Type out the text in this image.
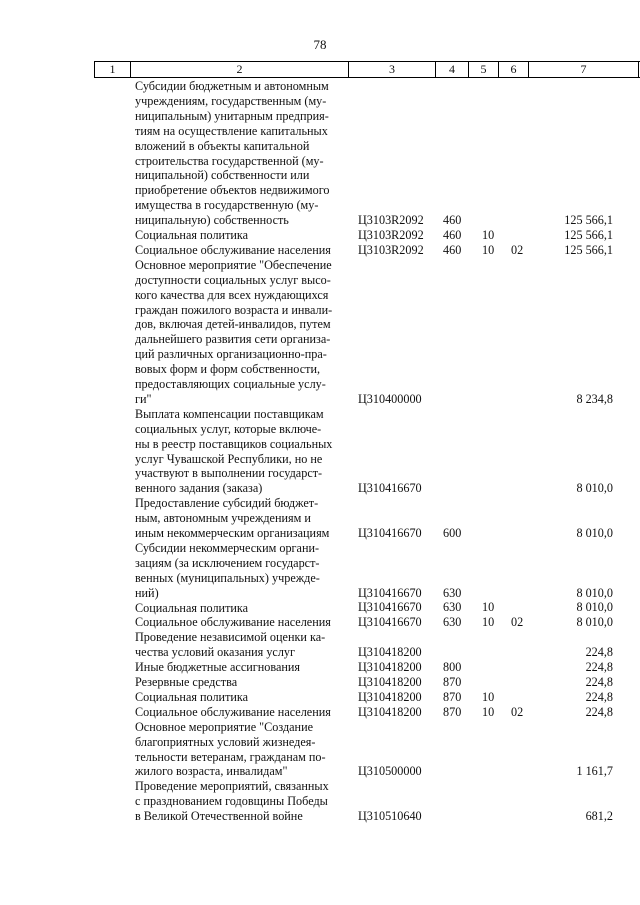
78
1	2	3	4	5	6	7
Субсидии бюджетным и автономным
учреждениям, государственным (му-
ниципальным) унитарным предприя-
тиям на осуществление капитальных
вложений в объекты капитальной
строительства государственной (му-
ниципальной) собственности или
приобретение объектов недвижимого
имущества в государственную (му-
ниципальную) собственность	Ц3103R2092 460	125 566,1
Социальная политика	Ц3103R2092 460 10	125 566,1
Социальное обслуживание населения	Ц3103R2092 460 10 02	125 566,1
Основное мероприятие "Обеспечение
доступности социальных услуг высо-
кого качества для всех нуждающихся
граждан пожилого возраста и инвали-
дов, включая детей-инвалидов, путем
дальнейшего развития сети организа-
ций различных организационно-пра-
вовых форм и форм собственности,
предоставляющих социальные услу-
ги"	Ц310400000	8 234,8
Выплата компенсации поставщикам
социальных услуг, которые включе-
ны в реестр поставщиков социальных
услуг Чувашской Республики, но не
участвуют в выполнении государст-
венного задания (заказа)	Ц310416670	8 010,0
Предоставление субсидий бюджет-
ным, автономным учреждениям и
иным некоммерческим организациям	Ц310416670 600	8 010,0
Субсидии некоммерческим органи-
зациям (за исключением государст-
венных (муниципальных) учрежде-
ний)	Ц310416670 630	8 010,0
Социальная политика	Ц310416670 630 10	8 010,0
Социальное обслуживание населения	Ц310416670 630 10 02	8 010,0
Проведение независимой оценки ка-
чества условий оказания услуг	Ц310418200	224,8
Иные бюджетные ассигнования	Ц310418200 800	224,8
Резервные средства	Ц310418200 870	224,8
Социальная политика	Ц310418200 870 10	224,8
Социальное обслуживание населения	Ц310418200 870 10 02	224,8
Основное мероприятие "Создание
благоприятных условий жизнедея-
тельности ветеранам, гражданам по-
жилого возраста, инвалидам"	Ц310500000	1 161,7
Проведение мероприятий, связанных
с празднованием годовщины Победы
в Великой Отечественной войне	Ц310510640	681,2
